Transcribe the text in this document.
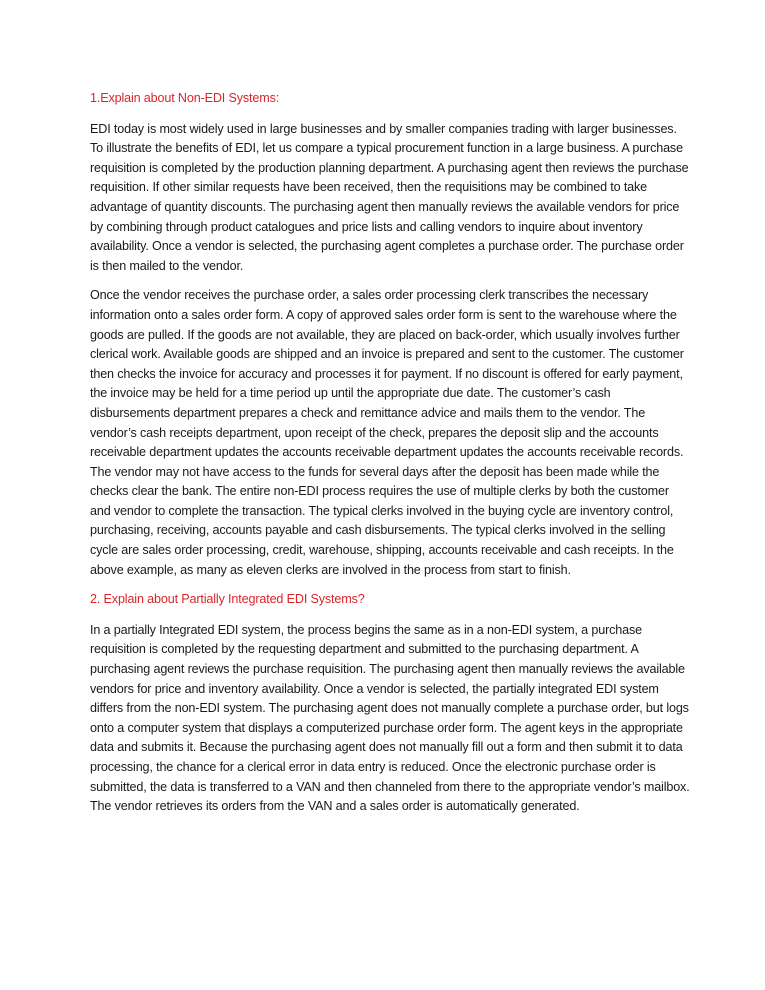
1.Explain about Non-EDI Systems:

EDI today is most widely used in large businesses and by smaller companies trading with larger businesses. To illustrate the benefits of EDI, let us compare a typical procurement function in a large business. A purchase requisition is completed by the production planning department. A purchasing agent then reviews the purchase requisition. If other similar requests have been received, then the requisitions may be combined to take advantage of quantity discounts. The purchasing agent then manually reviews the available vendors for price by combining through product catalogues and price lists and calling vendors to inquire about inventory availability. Once a vendor is selected, the purchasing agent completes a purchase order. The purchase order is then mailed to the vendor.

Once the vendor receives the purchase order, a sales order processing clerk transcribes the necessary information onto a sales order form. A copy of approved sales order form is sent to the warehouse where the goods are pulled. If the goods are not available, they are placed on back-order, which usually involves further clerical work. Available goods are shipped and an invoice is prepared and sent to the customer. The customer then checks the invoice for accuracy and processes it for payment. If no discount is offered for early payment, the invoice may be held for a time period up until the appropriate due date. The customer’s cash disbursements department prepares a check and remittance advice and mails them to the vendor. The vendor’s cash receipts department, upon receipt of the check, prepares the deposit slip and the accounts receivable department updates the accounts receivable department updates the accounts receivable records. The vendor may not have access to the funds for several days after the deposit has been made while the checks clear the bank. The entire non-EDI process requires the use of multiple clerks by both the customer and vendor to complete the transaction. The typical clerks involved in the buying cycle are inventory control, purchasing, receiving, accounts payable and cash disbursements. The typical clerks involved in the selling cycle are sales order processing, credit, warehouse, shipping, accounts receivable and cash receipts. In the above example, as many as eleven clerks are involved in the process from start to finish.

2. Explain about Partially Integrated EDI Systems?

In a partially Integrated EDI system, the process begins the same as in a non-EDI system, a purchase requisition is completed by the requesting department and submitted to the purchasing department. A purchasing agent reviews the purchase requisition. The purchasing agent then manually reviews the available vendors for price and inventory availability. Once a vendor is selected, the partially integrated EDI system differs from the non-EDI system. The purchasing agent does not manually complete a purchase order, but logs onto a computer system that displays a computerized purchase order form. The agent keys in the appropriate data and submits it. Because the purchasing agent does not manually fill out a form and then submit it to data processing, the chance for a clerical error in data entry is reduced. Once the electronic purchase order is submitted, the data is transferred to a VAN and then channeled from there to the appropriate vendor’s mailbox. The vendor retrieves its orders from the VAN and a sales order is automatically generated.
